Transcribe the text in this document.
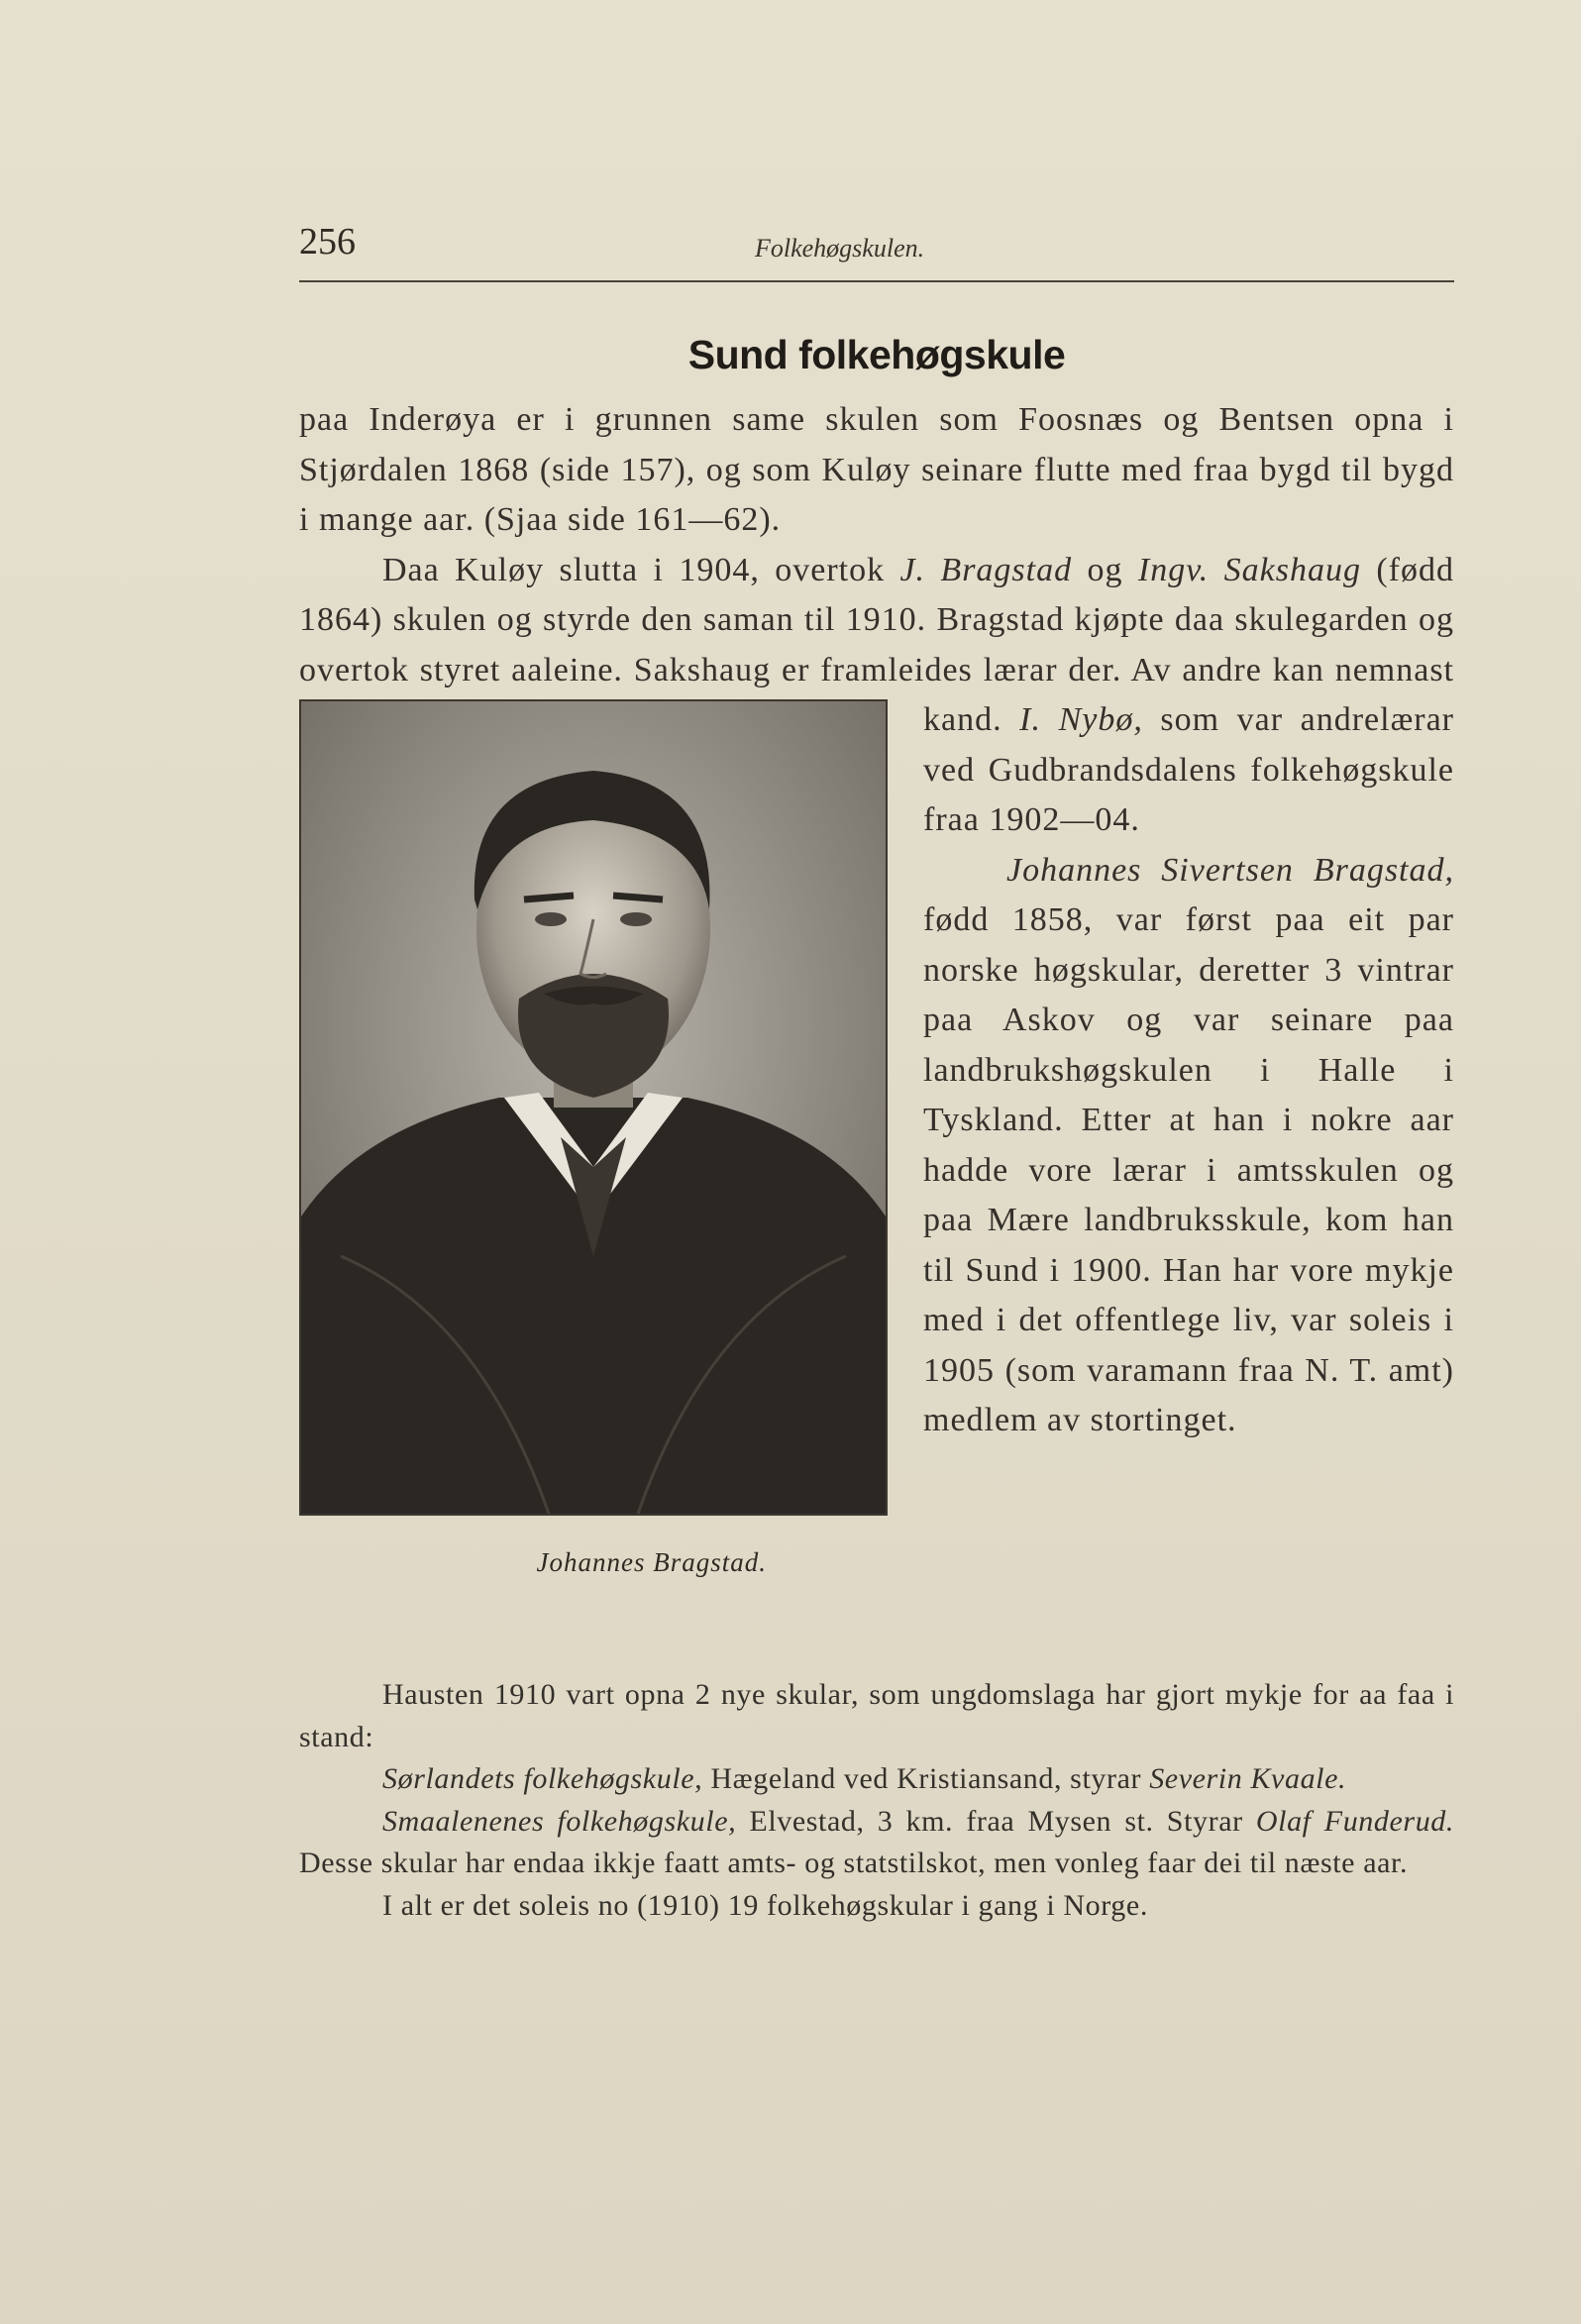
256	Folkehøgskulen.
Sund folkehøgskule

paa Inderøya er i grunnen same skulen som Foosnæs og Bentsen opna i Stjørdalen 1868 (side 157), og som Kuløy seinare flutte med fraa bygd til bygd i mange aar. (Sjaa side 161—62).

Daa Kuløy slutta i 1904, overtok J. Bragstad og Ingv. Sakshaug (fødd 1864) skulen og styrde den saman til 1910. Bragstad kjøpte daa skulegarden og overtok styret aaleine. Sakshaug er framleides lærar der. Av andre kan nemnast kand.
Johannes Bragstad.
I. Nybø, som var andrelærar ved Gudbrandsdalens folkehøgskule fraa 1902—04.

Johannes Sivertsen Bragstad, fødd 1858, var først paa eit par norske høgskular, deretter 3 vintrar paa Askov og var seinare paa landbrukshøgskulen i Halle i Tyskland. Etter at han i nokre aar hadde vore lærar i amtsskulen og paa Mære landbruksskule, kom han til Sund i 1900. Han har vore mykje med i det offentlege liv, var soleis i 1905 (som varamann fraa N. T. amt) medlem av stortinget.

Hausten 1910 vart opna 2 nye skular, som ungdomslaga har gjort mykje for aa faa i stand:

Sørlandets folkehøgskule, Hægeland ved Kristiansand, styrar Severin Kvaale.

Smaalenenes folkehøgskule, Elvestad, 3 km. fraa Mysen st. Styrar Olaf Funderud. Desse skular har endaa ikkje faatt amts- og statstilskot, men vonleg faar dei til næste aar.

I alt er det soleis no (1910) 19 folkehøgskular i gang i Norge.
